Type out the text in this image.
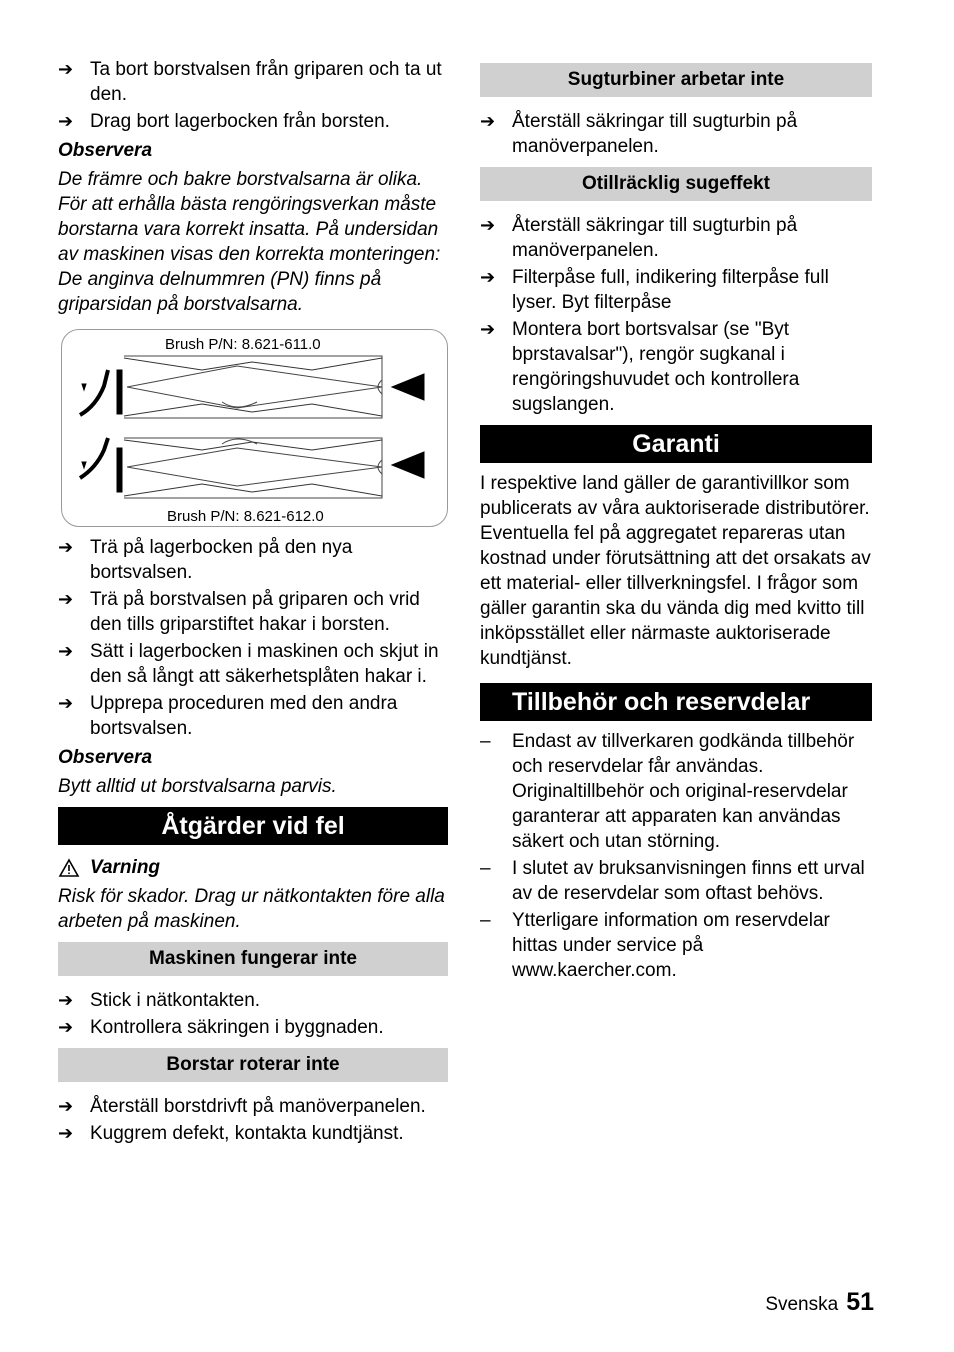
➔ Ta bort borstvalsen från griparen och ta ut den.
➔ Drag bort lagerbocken från borsten.
Observera
De främre och bakre borstvalsarna är olika. För att erhålla bästa rengöringsverkan måste borstarna vara korrekt insatta. På undersidan av maskinen visas den korrekta monteringen:
De anginva delnummren (PN) finns på griparsidan på borstvalsarna.
Brush P/N: 8.621-611.0
Brush P/N: 8.621-612.0
➔ Trä på lagerbocken på den nya bortsvalsen.
➔ Trä på borstvalsen på griparen och vrid den tills griparstiftet hakar i borsten.
➔ Sätt i lagerbocken i maskinen och skjut in den så långt att säkerhetsplåten hakar i.
➔ Upprepa proceduren med den andra bortsvalsen.
Observera
Bytt alltid ut borstvalsarna parvis.
Åtgärder vid fel
Varning
Risk för skador. Drag ur nätkontakten före alla arbeten på maskinen.
Maskinen fungerar inte
➔ Stick i nätkontakten.
➔ Kontrollera säkringen i byggnaden.
Borstar roterar inte
➔ Återställ borstdrivft på manöverpanelen.
➔ Kuggrem defekt, kontakta kundtjänst.
Sugturbiner arbetar inte
➔ Återställ säkringar till sugturbin på manöverpanelen.
Otillräcklig sugeffekt
➔ Återställ säkringar till sugturbin på manöverpanelen.
➔ Filterpåse full, indikering filterpåse full lyser. Byt filterpåse
➔ Montera bort bortsvalsar (se "Byt bprstavalsar"), rengör sugkanal i rengöringshuvudet och kontrollera sugslangen.
Garanti
I respektive land gäller de garantivillkor som publicerats av våra auktoriserade distributörer. Eventuella fel på aggregatet repareras utan kostnad under förutsättning att det orsakats av ett material- eller tillverkningsfel. I frågor som gäller garantin ska du vända dig med kvitto till inköpsstället eller närmaste auktoriserade kundtjänst.
Tillbehör och reservdelar
–	Endast av tillverkaren godkända tillbehör och reservdelar får användas. Originaltillbehör och original-reservdelar garanterar att apparaten kan användas säkert och utan störning.
–	I slutet av bruksanvisningen finns ett urval av de reservdelar som oftast behövs.
–	Ytterligare information om reservdelar hittas under service på www.kaercher.com.
Svenska 51
